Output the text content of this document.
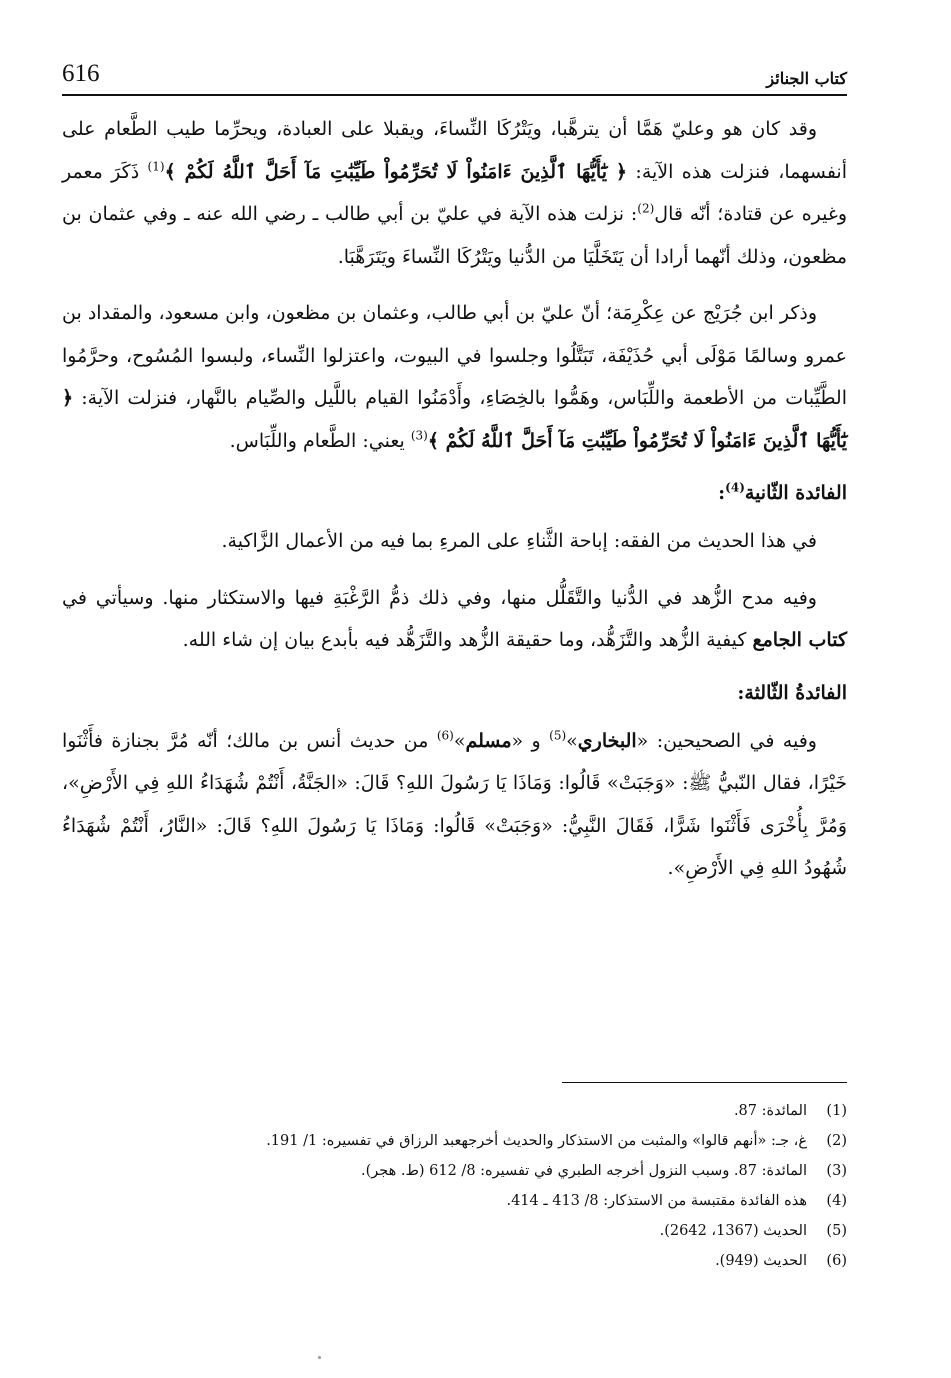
616	كتاب الجنائز

وقد كان هو وعليّ هَمَّا أن يترهَّبا، ويَتْرُكَا النِّساءَ، ويقبلا على العبادة، ويحرِّما طيب الطَّعام على أنفسهما، فنزلت هذه الآية: ﴿ يَٰٓأَيُّهَا ٱلَّذِينَ ءَامَنُواْ لَا تُحَرِّمُواْ طَيِّبَٰتِ مَآ أَحَلَّ ٱللَّهُ لَكُمْ ﴾$^{(1)}$ ذَكَرَ معمر وغيره عن قتادة؛ أنّه قال$^{(2)}$: نزلت هذه الآية في عليّ بن أبي طالب ـ رضي الله عنه ـ وفي عثمان بن مظعون، وذلك أنّهما أرادا أن يَتَخَلَّيَا من الدُّنيا ويَتْرُكَا النِّساءَ ويَتَرَهَّبَا.

وذكر ابن جُرَيْج عن عِكْرِمَة؛ أنّ عليّ بن أبي طالب، وعثمان بن مظعون، وابن مسعود، والمقداد بن عمرو وسالمًا مَوْلَى أبي حُذَيْفَة، تَبَتَّلُوا وجلسوا في البيوت، واعتزلوا النِّساء، ولبسوا المُسُوح، وحرَّمُوا الطَّيِّبات من الأطعمة واللِّبَاس، وهَمُّوا بالخِصَاءِ، وأَدْمَنُوا القيام باللَّيل والصِّيام بالنَّهار، فنزلت الآية: ﴿ يَٰٓأَيُّهَا ٱلَّذِينَ ءَامَنُواْ لَا تُحَرِّمُواْ طَيِّبَٰتِ مَآ أَحَلَّ ٱللَّهُ لَكُمْ ﴾$^{(3)}$ يعني: الطَّعام واللِّبَاس.

الفائدة الثّانية$^{(4)}$:

في هذا الحديث من الفقه: إباحة الثَّناءِ على المرءِ بما فيه من الأعمال الزَّاكية.

وفيه مدح الزُّهد في الدُّنيا والتَّقَلُّل منها، وفي ذلك ذمُّ الرَّغْبَةِ فيها والاستكثار منها. وسيأتي في كتاب الجامع كيفية الزُّهد والتَّزَهُّد، وما حقيقة الزُّهد والتَّزَهُّد فيه بأبدع بيان إن شاء الله.

الفائدةُ الثّالثة:

وفيه في الصحيحين: «البخاري»$^{(5)}$ و «مسلم»$^{(6)}$ من حديث أنس بن مالك؛ أنّه مُرَّ بجنازة فأَثْنَوا خَيْرًا، فقال النّبيُّ ﷺ: «وَجَبَتْ» قَالُوا: وَمَاذَا يَا رَسُولَ اللهِ؟ قَالَ: «الجَنَّةُ، أَنْتُمْ شُهَدَاءُ اللهِ فِي الأَرْضِ»، وَمُرَّ بِأُخْرَى فَأَثْنَوا شَرًّا، فَقَالَ النَّبِيُّ: «وَجَبَتْ» قَالُوا: وَمَاذَا يَا رَسُولَ اللهِ؟ قَالَ: «النَّارُ، أَنْتُمْ شُهَدَاءُ شُهُودُ اللهِ فِي الأَرْضِ».

(1)
المائدة: 87.
(2)
غ، جـ: «أنهم قالوا» والمثبت من الاستذكار والحديث أخرجهعبد الرزاق في تفسيره: 1/ 191.
(3)
المائدة: 87. وسبب النزول أخرجه الطبري في تفسيره: 8/ 612 (ط. هجر).
(4)
هذه الفائدة مقتبسة من الاستذكار: 8/ 413 ـ 414.
(5)
الحديث (1367، 2642).
(6)
الحديث (949).
